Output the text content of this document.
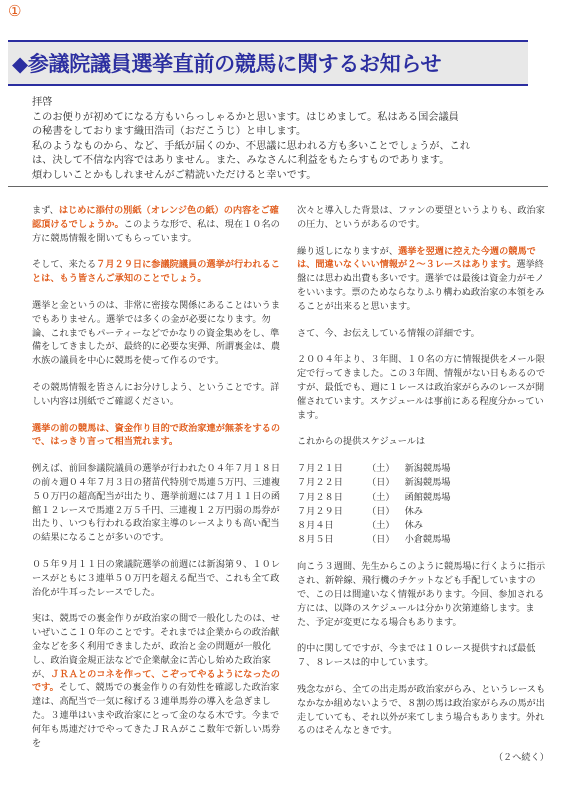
①
◆参議院議員選挙直前の競馬に関するお知らせ

拝啓

このお便りが初めてになる方もいらっしゃるかと思います。はじめまして。私はある国会議員

の秘書をしております織田浩司（おだこうじ）と申します。

私のようなものから、など、手紙が届くのか、不思議に思われる方も多いことでしょうが、これ

は、決して不信な内容ではありません。また、みなさんに利益をもたらすものであります。

煩わしいことかもしれませんがご精読いただけると幸いです。

まず、はじめに添付の別紙（オレンジ色の紙）の内容をご確認頂けるでしょうか。このような形で、私は、現在１０名の方に競馬情報を開いてもらっています。

そして、来たる７月２９日に参議院議員の選挙が行われることは、もう皆さんご承知のことでしょう。

選挙と金というのは、非常に密接な関係にあることはいうまでもありません。選挙では多くの金が必要になります。勿論、これまでもパーティーなどでかなりの資金集めをし、準備をしてきましたが、最終的に必要な実弾、所謂裏金は、農水族の議員を中心に競馬を使って作るのです。

その競馬情報を皆さんにお分けしよう、ということです。詳しい内容は別紙でご確認ください。

選挙の前の競馬は、資金作り目的で政治家達が無茶をするので、はっきり言って相当荒れます。

例えば、前回参議院議員の選挙が行われた０４年７月１８日の前々週０４年７月３日の猪苗代特別で馬連５万円、三連複５０万円の超高配当が出たり、選挙前週には７月１１日の函館１２レースで馬連２万５千円、三連複１２万円弱の馬券が出たり、いつも行われる政治家主導のレースよりも高い配当の結果になることが多いのです。

０５年９月１１日の衆議院選挙の前週には新潟第９、１０レースがともに３連単５０万円を超える配当で、これも全て政治化が牛耳ったレースでした。

実は、競馬での裏金作りが政治家の間で一般化したのは、せいぜいここ１０年のことです。それまでは企業からの政治献金などを多く利用できましたが、政治と金の問題が一般化し、政治資金規正法などで企業献金に苦心し始めた政治家が、ＪＲＡとのコネを作って、こぞってやるようになったのです。そして、競馬での裏金作りの有効性を確認した政治家達は、高配当で一気に稼げる３連単馬券の導入を急ぎました。３連単はいまや政治家にとって金のなる木です。今まで何年も馬連だけでやってきたＪＲＡがここ数年で新しい馬券を

次々と導入した背景は、ファンの要望というよりも、政治家の圧力、というがあるのです。

繰り返しになりますが、選挙を翌週に控えた今週の競馬では、間違いなくいい情報が２～３レースはあります。選挙終盤には思わぬ出費も多いです。選挙では最後は資金力がモノをいいます。票のためならなりふり構わぬ政治家の本領をみることが出来ると思います。

さて、今、お伝えしている情報の詳細です。

２００４年より、３年間、１０名の方に情報提供をメール限定で行ってきました。この３年間、情報がない日もあるのですが、最低でも、週に１レースは政治家がらみのレースが開催されています。スケジュールは事前にある程度分かっています。

これからの提供スケジュールは

７月２１日	（土） 新潟競馬場
７月２２日	（日） 新潟競馬場
７月２８日	（土） 函館競馬場
７月２９日	（日） 休み
８月４日	（土） 休み
８月５日	（日） 小倉競馬場

向こう３週間、先生からこのように競馬場に行くように指示され、新幹線、飛行機のチケットなども手配していますので、この日は間違いなく情報があります。今回、参加される方には、以降のスケジュールは分かり次第連絡します。また、予定が変更になる場合もあります。

的中に関してですが、今までは１０レース提供すれば最低７、８レースは的中しています。

残念ながら、全ての出走馬が政治家がらみ、というレースもなかなか組めないようで、８割の馬は政治家がらみの馬が出走していても、それ以外が来てしまう場合もあります。外れるのはそんなときです。

（２へ続く）
